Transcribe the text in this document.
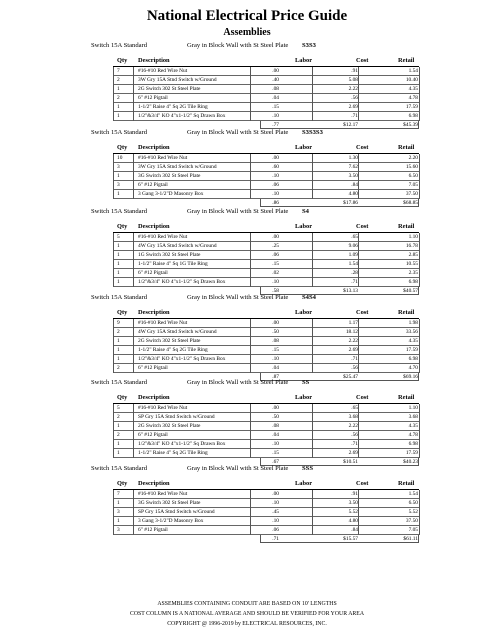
National Electrical Price Guide
Assemblies
Switch 15A Standard	Gray in Block Wall with St Steel Plate S3S3
Qty Description	Labor	Cost	Retail
7	#16-#10 Red Wire Nut	.00	.91	1.54
2	3W Gry 15A Stnd Switch w/Ground	.40	5.08	10.40
1	2G Switch 302 St Steel Plate	.08	2.22	4.35
2	6" #12 Pigtail	.04	.56	4.78
1	1-1/2" Raise 4" Sq 2G Tile Ring	.15	2.69	17.59
1	1/2"&3/4" KO 4"x1-1/2" Sq Drawn Box	.10	.71	6.98
.77	$12.17	$45.39
Switch 15A Standard	Gray in Block Wall with St Steel Plate S3S3S3
Qty Description	Labor	Cost	Retail
10	#16-#10 Red Wire Nut	.00	1.30	2.20
3	3W Gry 15A Stnd Switch w/Ground	.60	7.62	15.60
1	3G Switch 302 St Steel Plate	.10	3.50	6.50
3	6" #12 Pigtail	.06	.84	7.05
1	3 Gang 3-1/2"D Masonry Box	.10	4.80	37.50
.86	$17.86	$68.85
Switch 15A Standard	Gray in Block Wall with St Steel Plate S4
Qty Description	Labor	Cost	Retail
5	#16-#10 Red Wire Nut	.00	.65	1.10
1	4W Gry 15A Stnd Switch w/Ground	.25	9.06	16.78
1	1G Switch 302 St Steel Plate	.06	1.09	2.85
1	1-1/2" Raise 4" Sq 1G Tile Ring	.15	1.54	10.55
1	6" #12 Pigtail	.02	.28	2.35
1	1/2"&3/4" KO 4"x1-1/2" Sq Drawn Box	.10	.71	6.98
.58	$13.13	$40.57
Switch 15A Standard	Gray in Block Wall with St Steel Plate S4S4
Qty Description	Labor	Cost	Retail
9	#16-#10 Red Wire Nut	.00	1.17	1.98
2	4W Gry 15A Stnd Switch w/Ground	.50	18.12	33.56
1	2G Switch 302 St Steel Plate	.08	2.22	4.35
1	1-1/2" Raise 4" Sq 2G Tile Ring	.15	2.69	17.59
1	1/2"&3/4" KO 4"x1-1/2" Sq Drawn Box	.10	.71	6.98
2	6" #12 Pigtail	.04	.56	4.70
.87	$25.47	$69.16
Switch 15A Standard	Gray in Block Wall with St Steel Plate SS
Qty Description	Labor	Cost	Retail
5	#16-#10 Red Wire Nut	.00	.65	1.10
2	SP Gry 15A Stnd Switch w/Ground	.50	3.68	3.68
1	2G Switch 302 St Steel Plate	.08	2.22	4.35
2	6" #12 Pigtail	.04	.56	4.78
1	1/2"&3/4" KO 4"x1-1/2" Sq Drawn Box	.10	.71	6.98
1	1-1/2" Raise 4" Sq 2G Tile Ring	.15	2.69	17.59
.67	$10.51	$40.23
Switch 15A Standard	Gray in Block Wall with St Steel Plate SSS
Qty Description	Labor	Cost	Retail
7	#16-#10 Red Wire Nut	.00	.91	1.54
1	3G Switch 302 St Steel Plate	.10	3.50	6.50
3	SP Gry 15A Stnd Switch w/Ground	.45	5.52	5.52
1	3 Gang 3-1/2"D Masonry Box	.10	4.80	37.50
3	6" #12 Pigtail	.06	.84	7.05
.71	$15.57	$61.11
ASSEMBLIES CONTAINING CONDUIT ARE BASED ON 10' LENGTHS
COST COLUMN IS A NATIONAL AVERAGE AND SHOULD BE VERIFIED FOR YOUR AREA
COPYRIGHT @ 1996-2019 by ELECTRICAL RESOURCES, INC.
